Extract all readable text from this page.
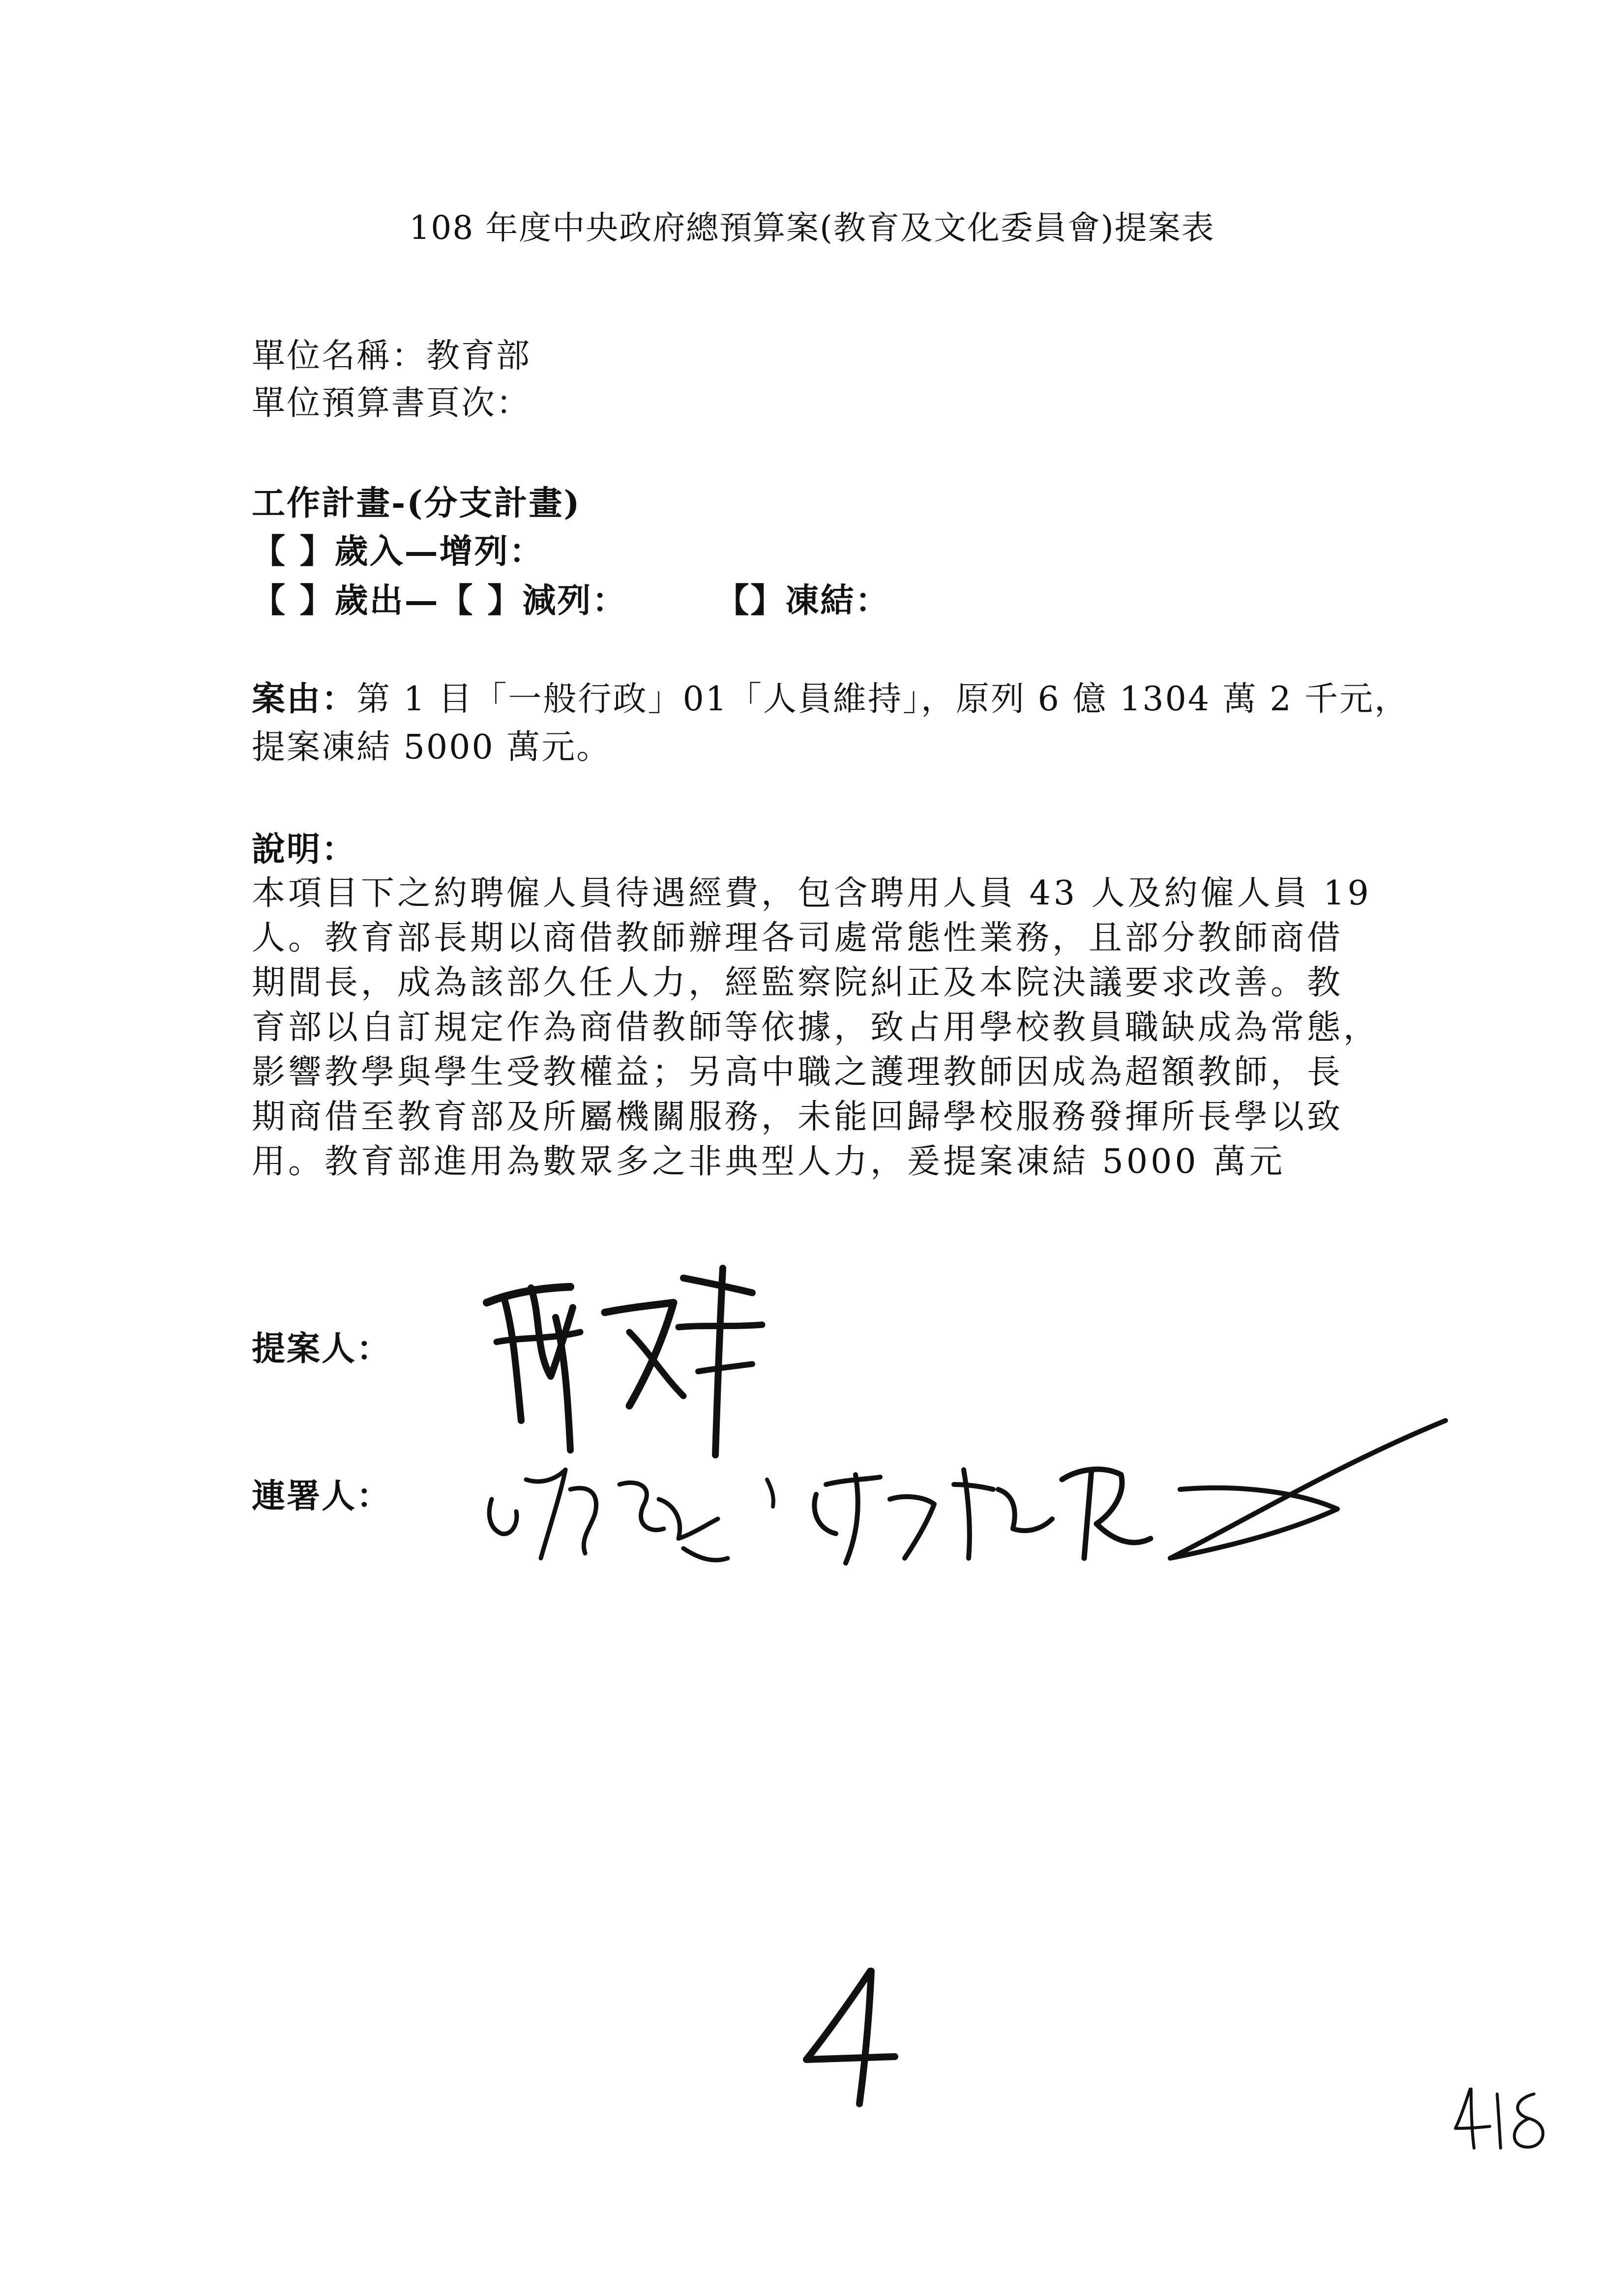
108 年度中央政府總預算案(教育及文化委員會)提案表
單位名稱：教育部
單位預算書頁次：
工作計畫-(分支計畫)
【 】歲入—增列：
【 】歲出—【 】減列：	【】凍結：
案由：第 1 目「一般行政」01「人員維持」，原列 6 億 1304 萬 2 千元，
提案凍結 5000 萬元。
說明：
本項目下之約聘僱人員待遇經費，包含聘用人員 43 人及約僱人員 19
人。教育部長期以商借教師辦理各司處常態性業務，且部分教師商借
期間長，成為該部久任人力，經監察院糾正及本院決議要求改善。教
育部以自訂規定作為商借教師等依據，致占用學校教員職缺成為常態，
影響教學與學生受教權益；另高中職之護理教師因成為超額教師，長
期商借至教育部及所屬機關服務，未能回歸學校服務發揮所長學以致
用。教育部進用為數眾多之非典型人力，爰提案凍結 5000 萬元
提案人：
連署人：
